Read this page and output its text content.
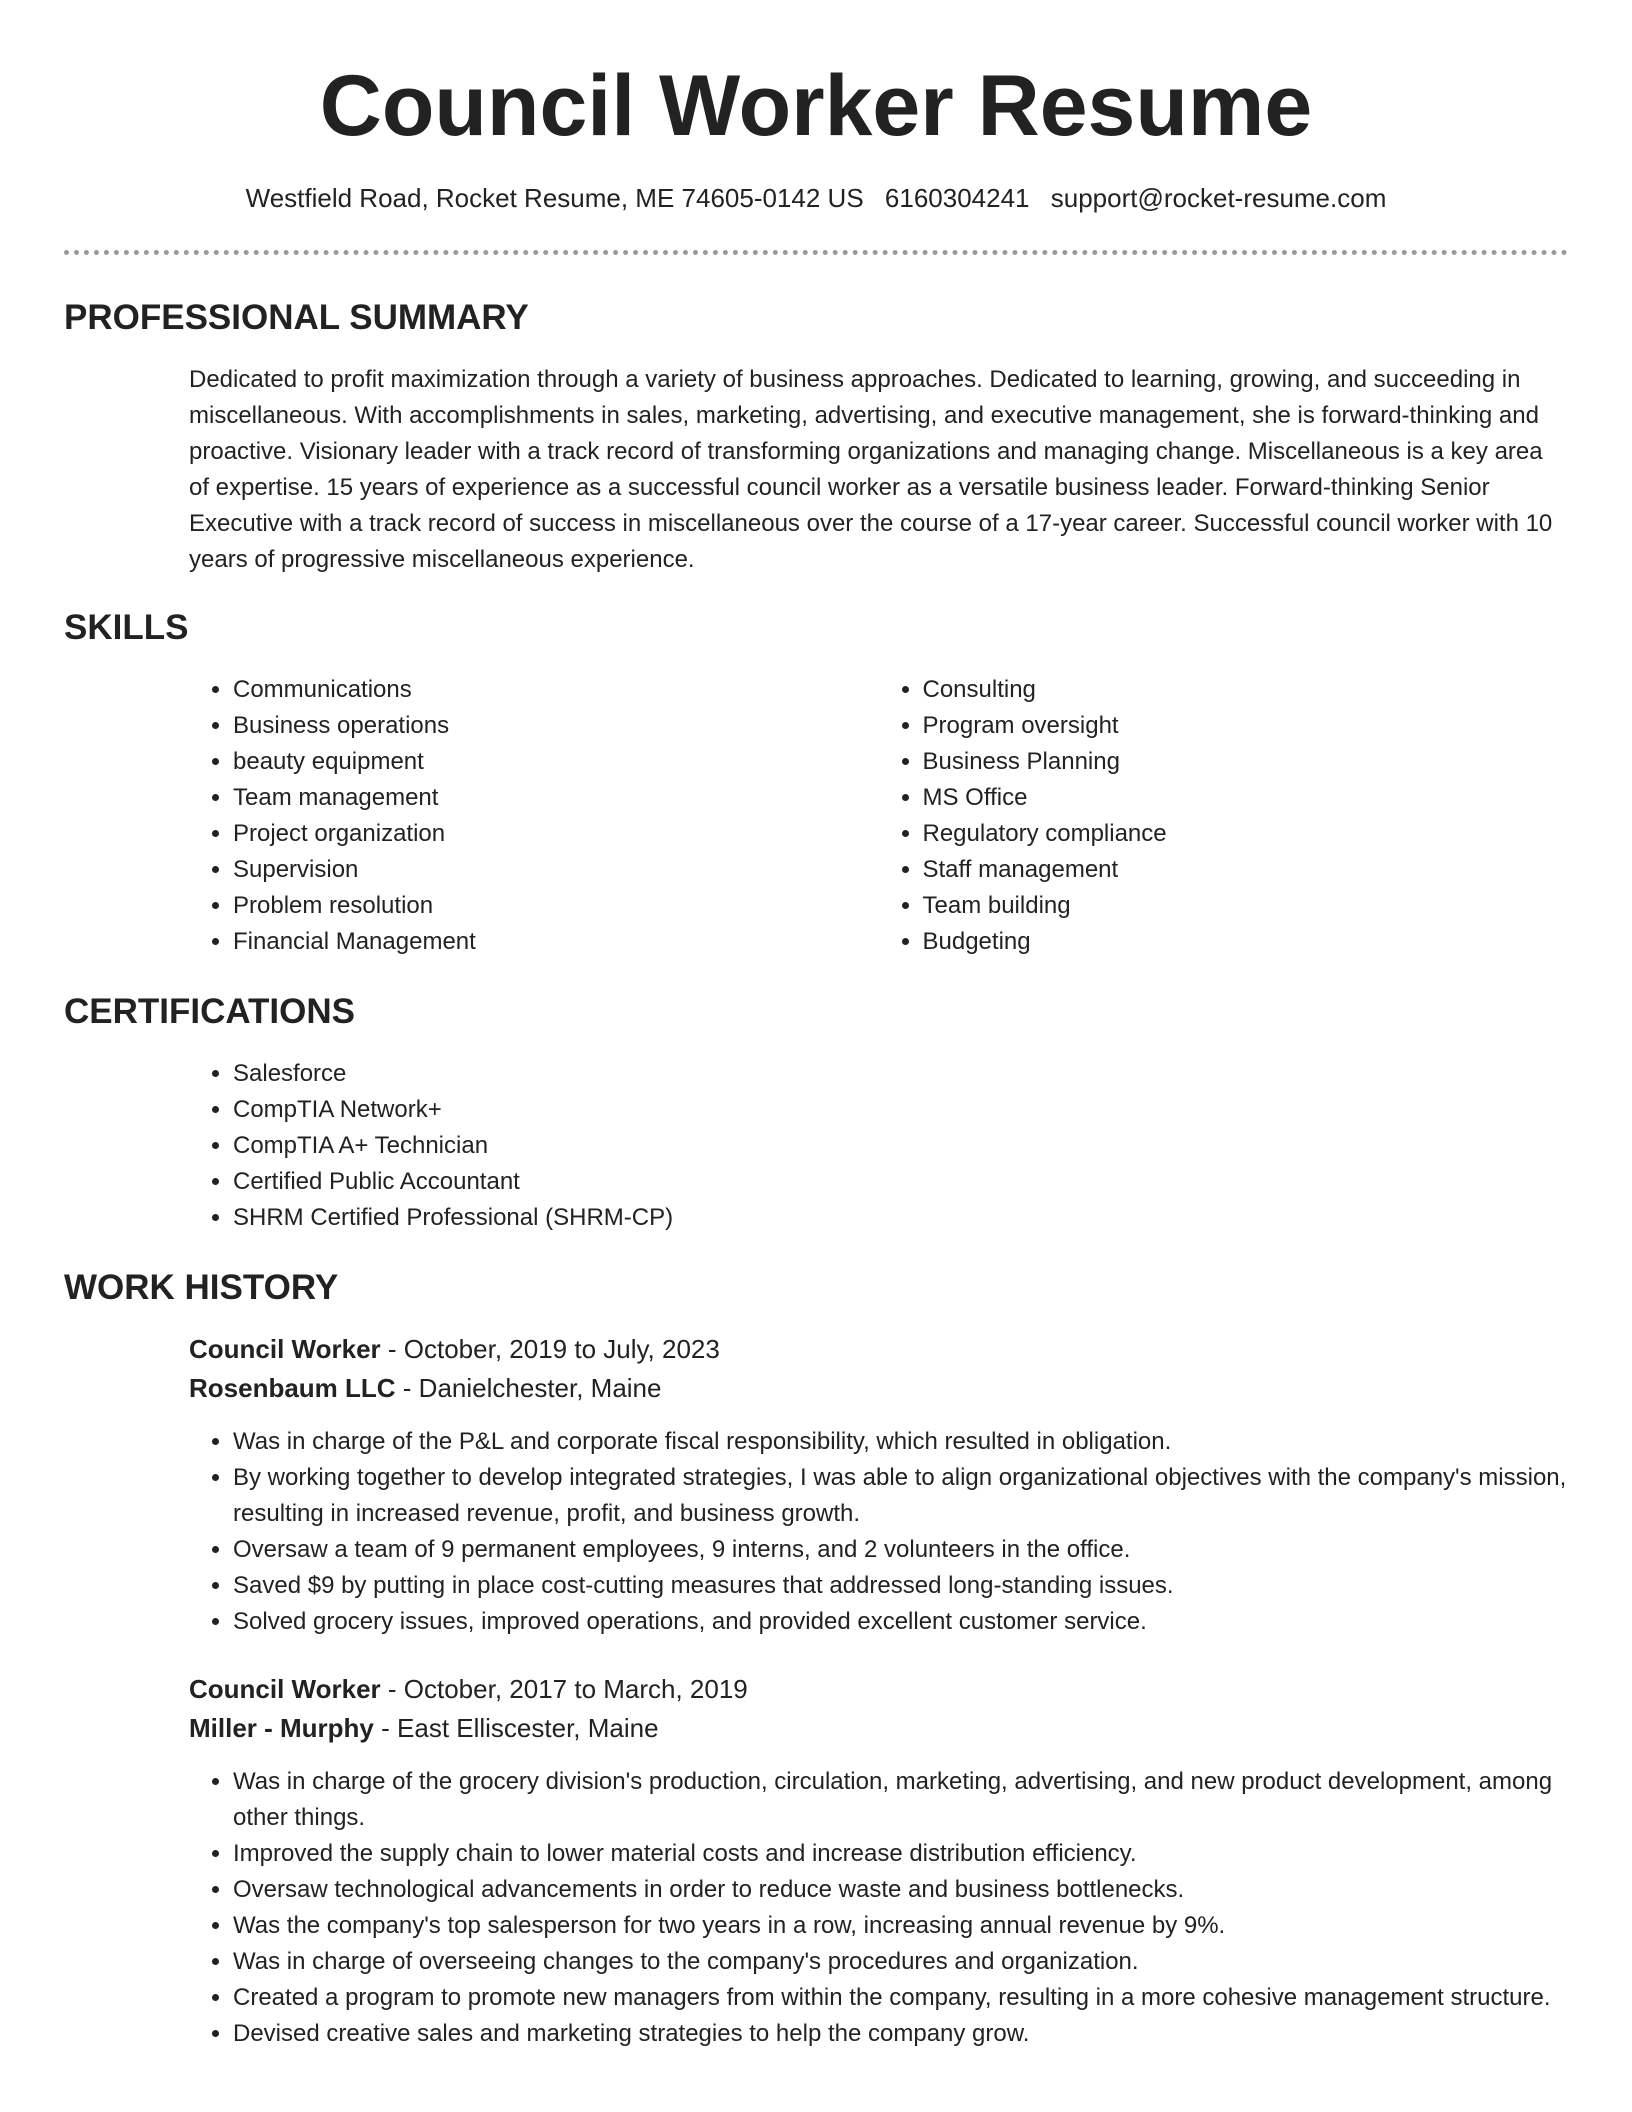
Council Worker Resume
Westfield Road, Rocket Resume, ME 74605-0142 US 6160304241 support@rocket-resume.com
PROFESSIONAL SUMMARY
Dedicated to profit maximization through a variety of business approaches. Dedicated to learning, growing, and succeeding in miscellaneous. With accomplishments in sales, marketing, advertising, and executive management, she is forward-thinking and proactive. Visionary leader with a track record of transforming organizations and managing change. Miscellaneous is a key area of expertise. 15 years of experience as a successful council worker as a versatile business leader. Forward-thinking Senior Executive with a track record of success in miscellaneous over the course of a 17-year career. Successful council worker with 10 years of progressive miscellaneous experience.
SKILLS
• Communications
• Business operations
• beauty equipment
• Team management
• Project organization
• Supervision
• Problem resolution
• Financial Management
• Consulting
• Program oversight
• Business Planning
• MS Office
• Regulatory compliance
• Staff management
• Team building
• Budgeting
CERTIFICATIONS
• Salesforce
• CompTIA Network+
• CompTIA A+ Technician
• Certified Public Accountant
• SHRM Certified Professional (SHRM-CP)
WORK HISTORY
Council Worker - October, 2019 to July, 2023
Rosenbaum LLC - Danielchester, Maine
• Was in charge of the P&L and corporate fiscal responsibility, which resulted in obligation.
• By working together to develop integrated strategies, I was able to align organizational objectives with the company's mission, resulting in increased revenue, profit, and business growth.
• Oversaw a team of 9 permanent employees, 9 interns, and 2 volunteers in the office.
• Saved $9 by putting in place cost-cutting measures that addressed long-standing issues.
• Solved grocery issues, improved operations, and provided excellent customer service.
Council Worker - October, 2017 to March, 2019
Miller - Murphy - East Elliscester, Maine
• Was in charge of the grocery division's production, circulation, marketing, advertising, and new product development, among other things.
• Improved the supply chain to lower material costs and increase distribution efficiency.
• Oversaw technological advancements in order to reduce waste and business bottlenecks.
• Was the company's top salesperson for two years in a row, increasing annual revenue by 9%.
• Was in charge of overseeing changes to the company's procedures and organization.
• Created a program to promote new managers from within the company, resulting in a more cohesive management structure.
• Devised creative sales and marketing strategies to help the company grow.
